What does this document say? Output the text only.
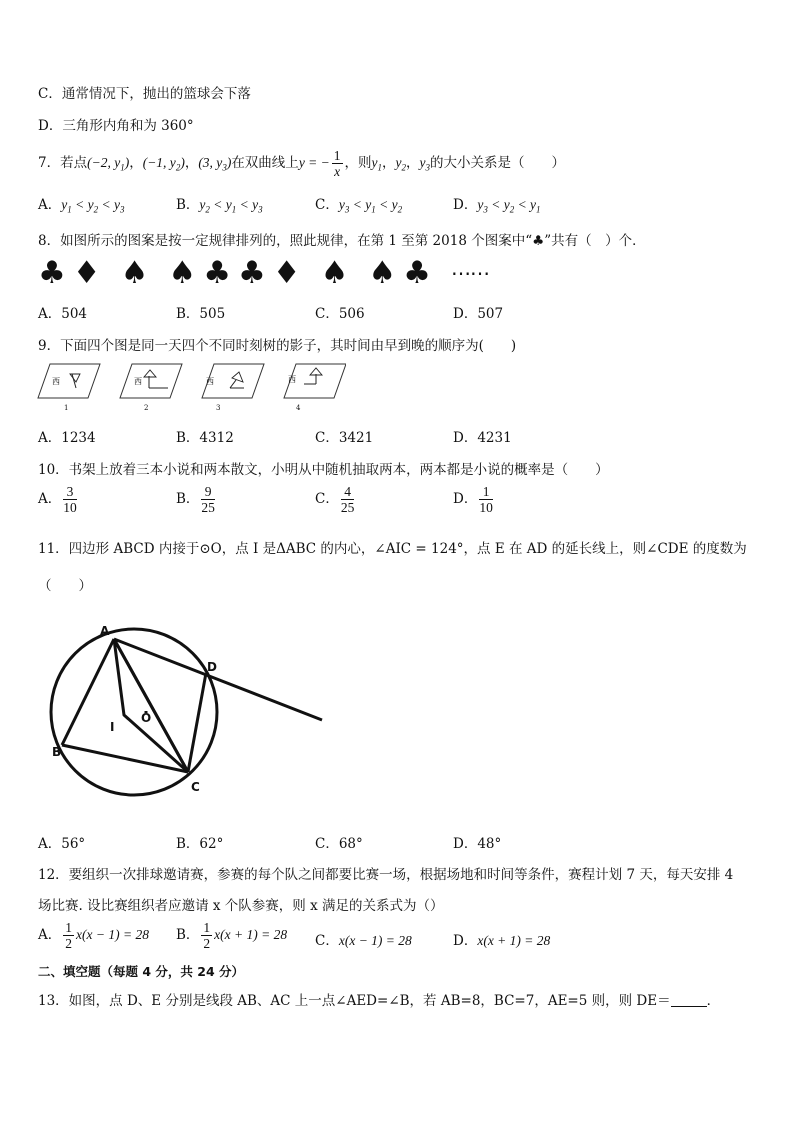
C．通常情况下，抛出的篮球会下落
D．三角形内角和为 360°
7．若点(−2, $y_1$)，(−1, $y_2$)，(3, $y_3$)在双曲线上y = − $\frac{1}{x}$ ，则$y_1$，$y_2$，$y_3$的大小关系是（　　）
A．$y_1 < y_2 < y_3$	B．$y_2 < y_1 < y_3$	C．$y_3 < y_1 < y_2$	D．$y_3 < y_2 < y_1$
8．如图所示的图案是按一定规律排列的，照此规律，在第 1 至第 2018 个图案中“♣”共有（　）个．
♣ ♦ ♠ ♠ ♣ ♣ ♦ ♠ ♠ ♣ ……
A．504	B．505	C．506	D．507
9．下面四个图是同一天四个不同时刻树的影子，其时间由早到晚的顺序为(　　)
西
1
西
2
西
3
西
4
A．1234	B．4312	C．3421	D．4231
10．书架上放着三本小说和两本散文，小明从中随机抽取两本，两本都是小说的概率是（　　）
A． $\frac{3}{10}$	B． $\frac{9}{25}$	C． $\frac{4}{25}$	D． $\frac{1}{10}$
11．四边形 ABCD 内接于⊙O，点 I 是ΔABC 的内心，∠AIC = 124°，点 E 在 AD 的延长线上，则∠CDE 的度数为
（　　）
A
D
B
C
I
O
A．56°	B．62°	C．68°	D．48°
12．要组织一次排球邀请赛，参赛的每个队之间都要比赛一场，根据场地和时间等条件，赛程计划 7 天，每天安排 4
场比赛. 设比赛组织者应邀请 x 个队参赛，则 x 满足的关系式为（）
A． $\frac{1}{2} x(x - 1) = 28$ B． $\frac{1}{2} x(x + 1) = 28$ C．x(x − 1) = 28	D．x(x + 1) = 28
二、填空题（每题 4 分，共 24 分）
13．如图，点 D、E 分别是线段 AB、AC 上一点∠AED=∠B，若 AB=8，BC=7，AE=5 则，则 DE＝	．
